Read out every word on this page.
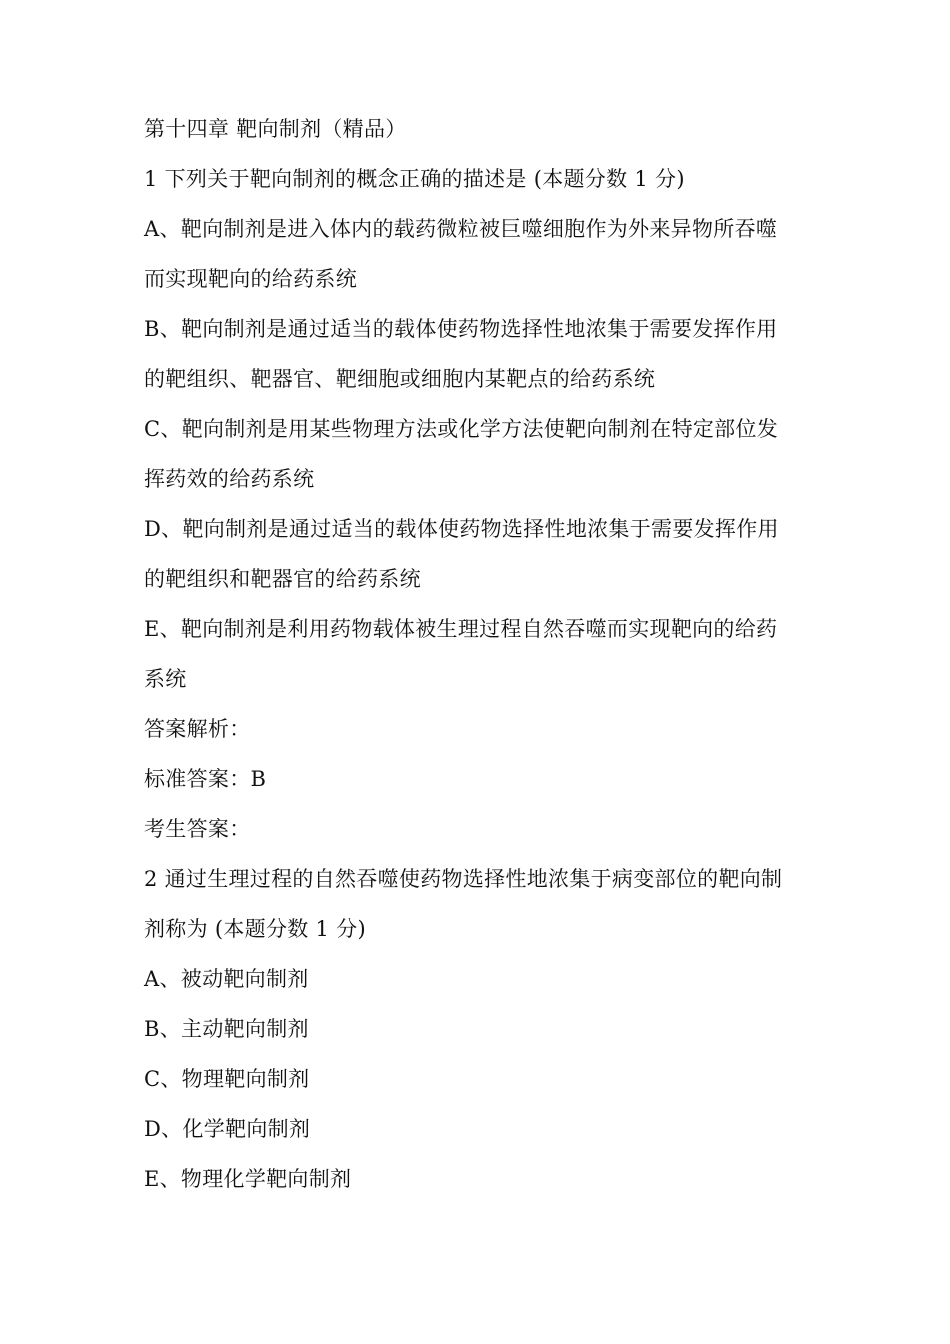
第十四章 靶向制剂（精品）
1 下列关于靶向制剂的概念正确的描述是 (本题分数 1 分)
A、靶向制剂是进入体内的载药微粒被巨噬细胞作为外来异物所吞噬
而实现靶向的给药系统
B、靶向制剂是通过适当的载体使药物选择性地浓集于需要发挥作用
的靶组织、靶器官、靶细胞或细胞内某靶点的给药系统
C、靶向制剂是用某些物理方法或化学方法使靶向制剂在特定部位发
挥药效的给药系统
D、靶向制剂是通过适当的载体使药物选择性地浓集于需要发挥作用
的靶组织和靶器官的给药系统
E、靶向制剂是利用药物载体被生理过程自然吞噬而实现靶向的给药
系统
答案解析：
标准答案：B
考生答案：
2 通过生理过程的自然吞噬使药物选择性地浓集于病变部位的靶向制
剂称为 (本题分数 1 分)
A、被动靶向制剂
B、主动靶向制剂
C、物理靶向制剂
D、化学靶向制剂
E、物理化学靶向制剂
